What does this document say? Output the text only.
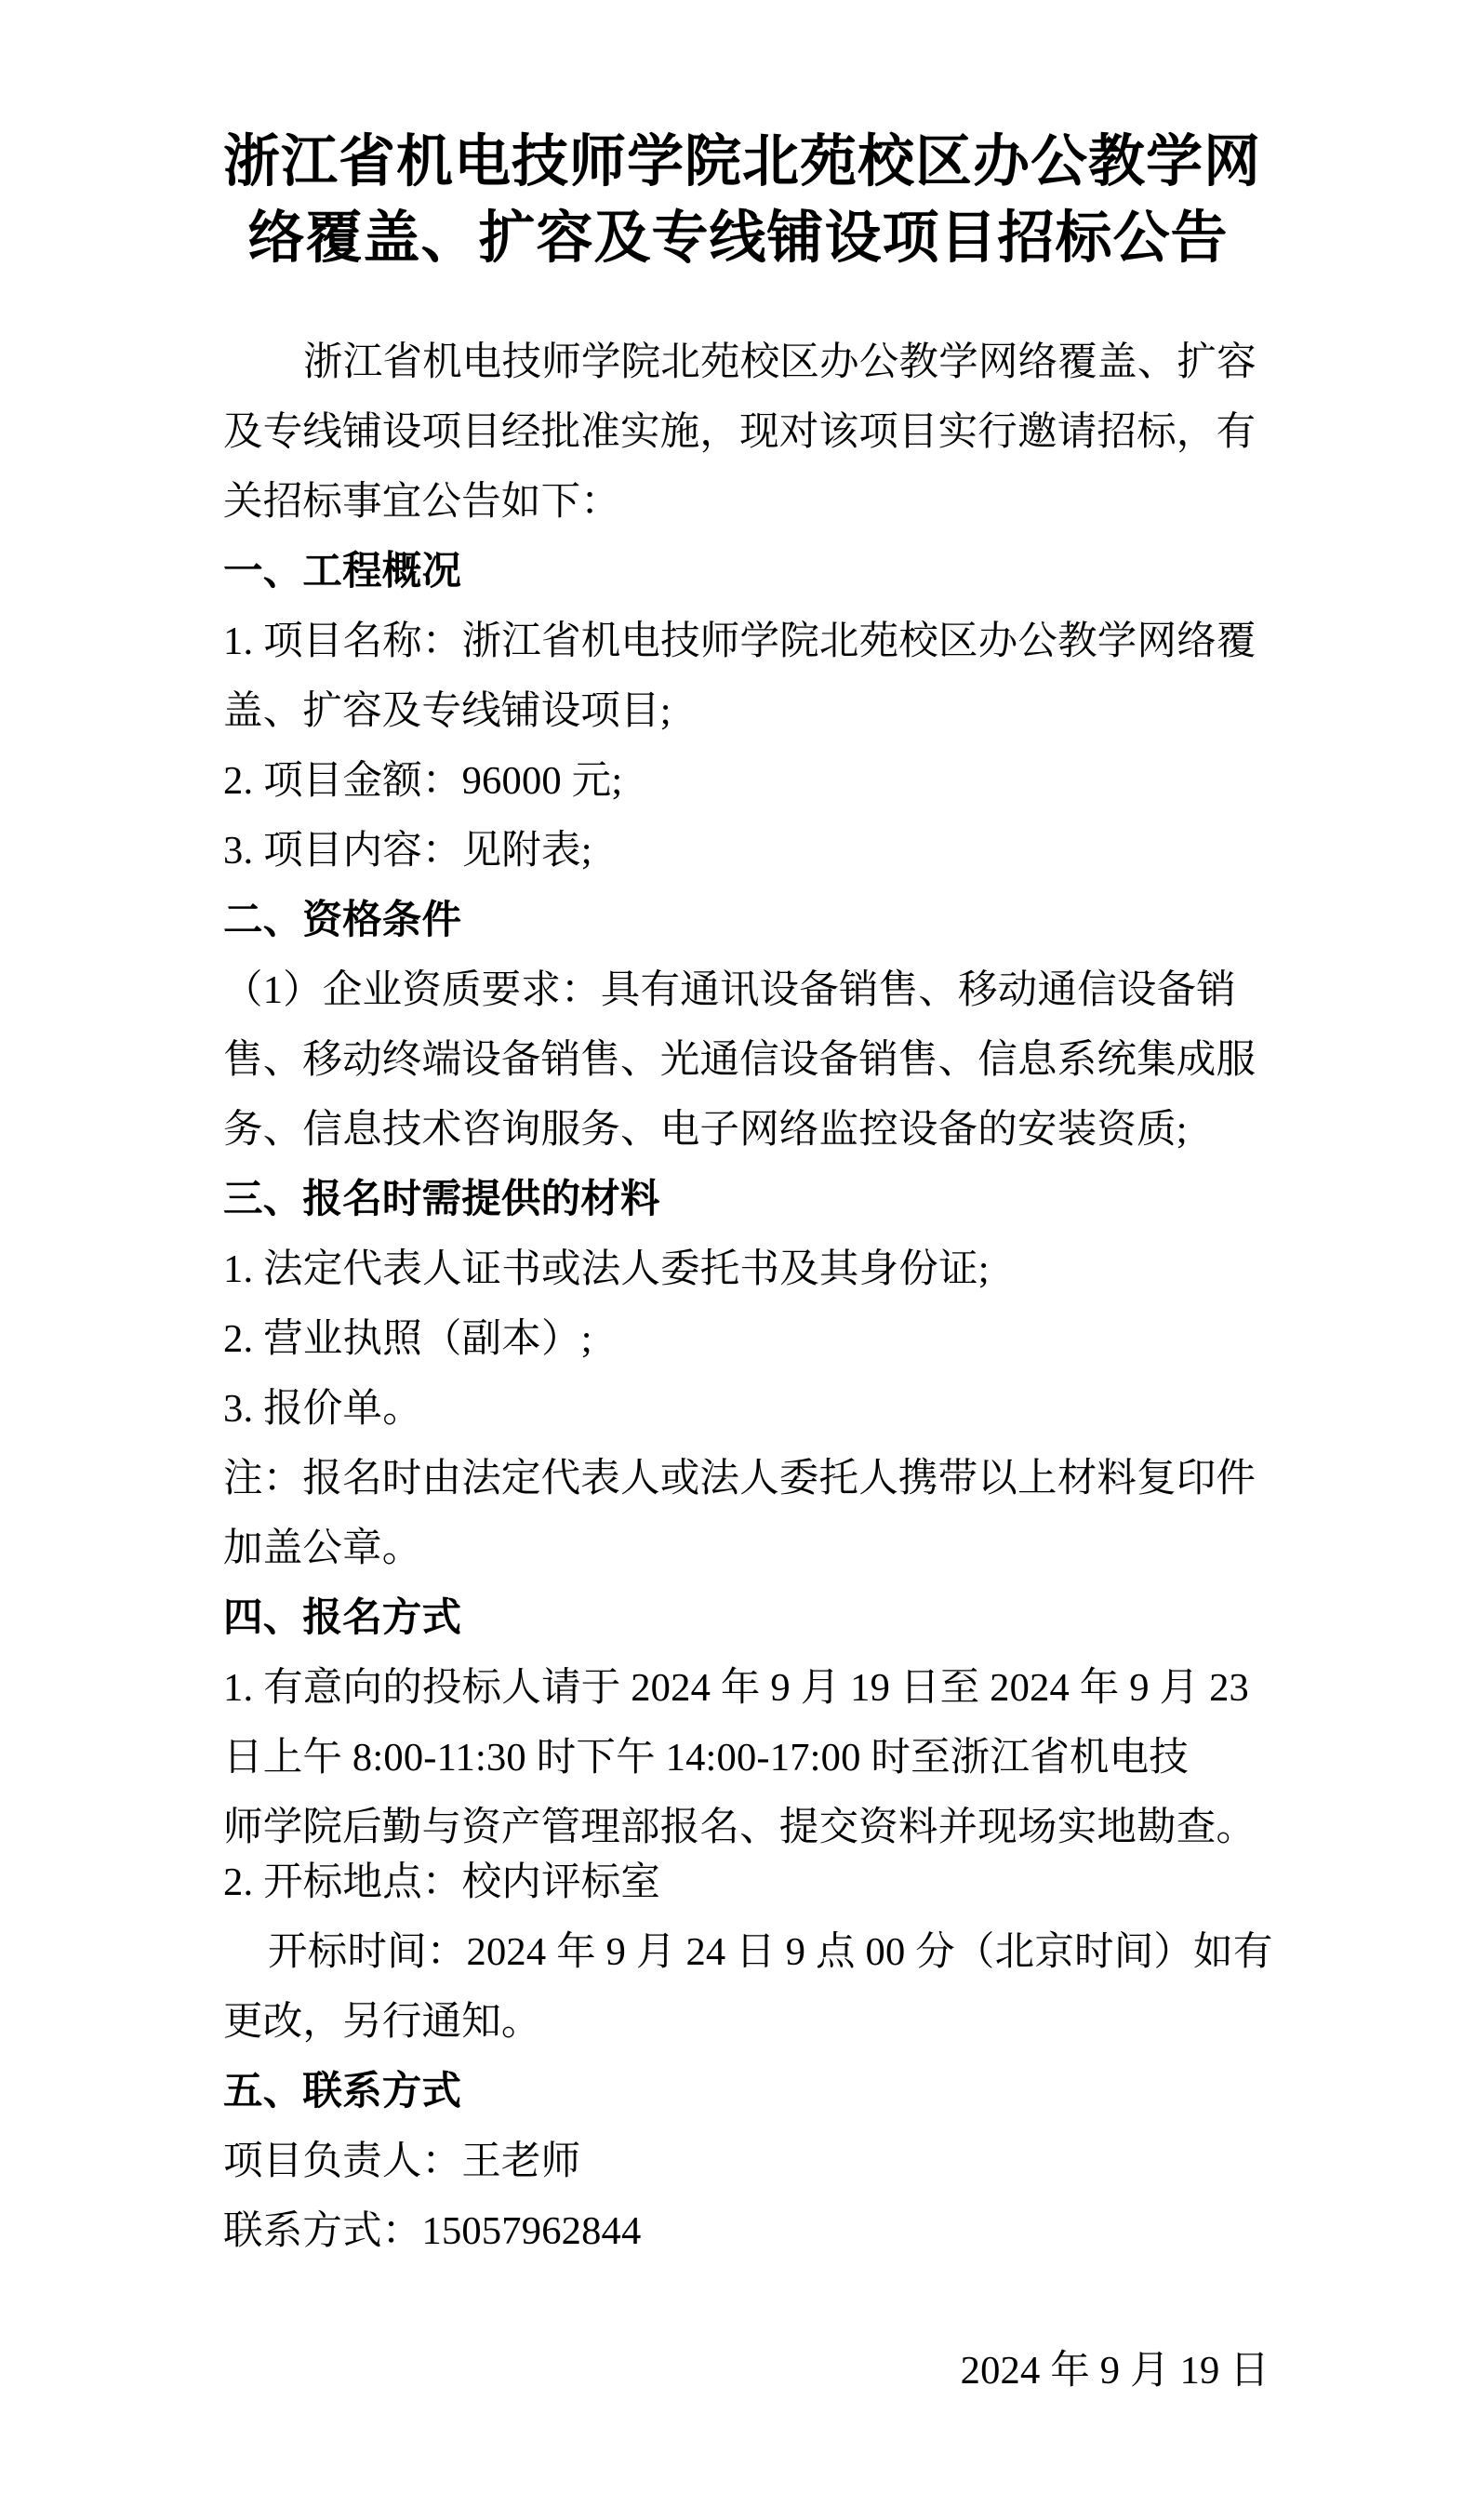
浙江省机电技师学院北苑校区办公教学网
络覆盖、扩容及专线铺设项目招标公告
浙江省机电技师学院北苑校区办公教学网络覆盖、扩容
及专线铺设项目经批准实施，现对该项目实行邀请招标，有
关招标事宜公告如下：
一、工程概况
1. 项目名称：浙江省机电技师学院北苑校区办公教学网络覆
盖、扩容及专线铺设项目;
2. 项目金额：96000 元;
3. 项目内容：见附表;
二、资格条件
（1）企业资质要求：具有通讯设备销售、移动通信设备销
售、移动终端设备销售、光通信设备销售、信息系统集成服
务、信息技术咨询服务、电子网络监控设备的安装资质;
三、报名时需提供的材料
1. 法定代表人证书或法人委托书及其身份证;
2. 营业执照（副本）;
3. 报价单。
注：报名时由法定代表人或法人委托人携带以上材料复印件
加盖公章。
四、报名方式
1. 有意向的投标人请于 2024 年 9 月 19 日至 2024 年 9 月 23
日上午 8:00-11:30 时下午 14:00-17:00 时至浙江省机电技
师学院后勤与资产管理部报名、提交资料并现场实地勘查。
2. 开标地点：校内评标室
开标时间：2024 年 9 月 24 日 9 点 00 分（北京时间）如有
更改，另行通知。
五、联系方式
项目负责人：王老师
联系方式：15057962844
2024 年 9 月 19 日
